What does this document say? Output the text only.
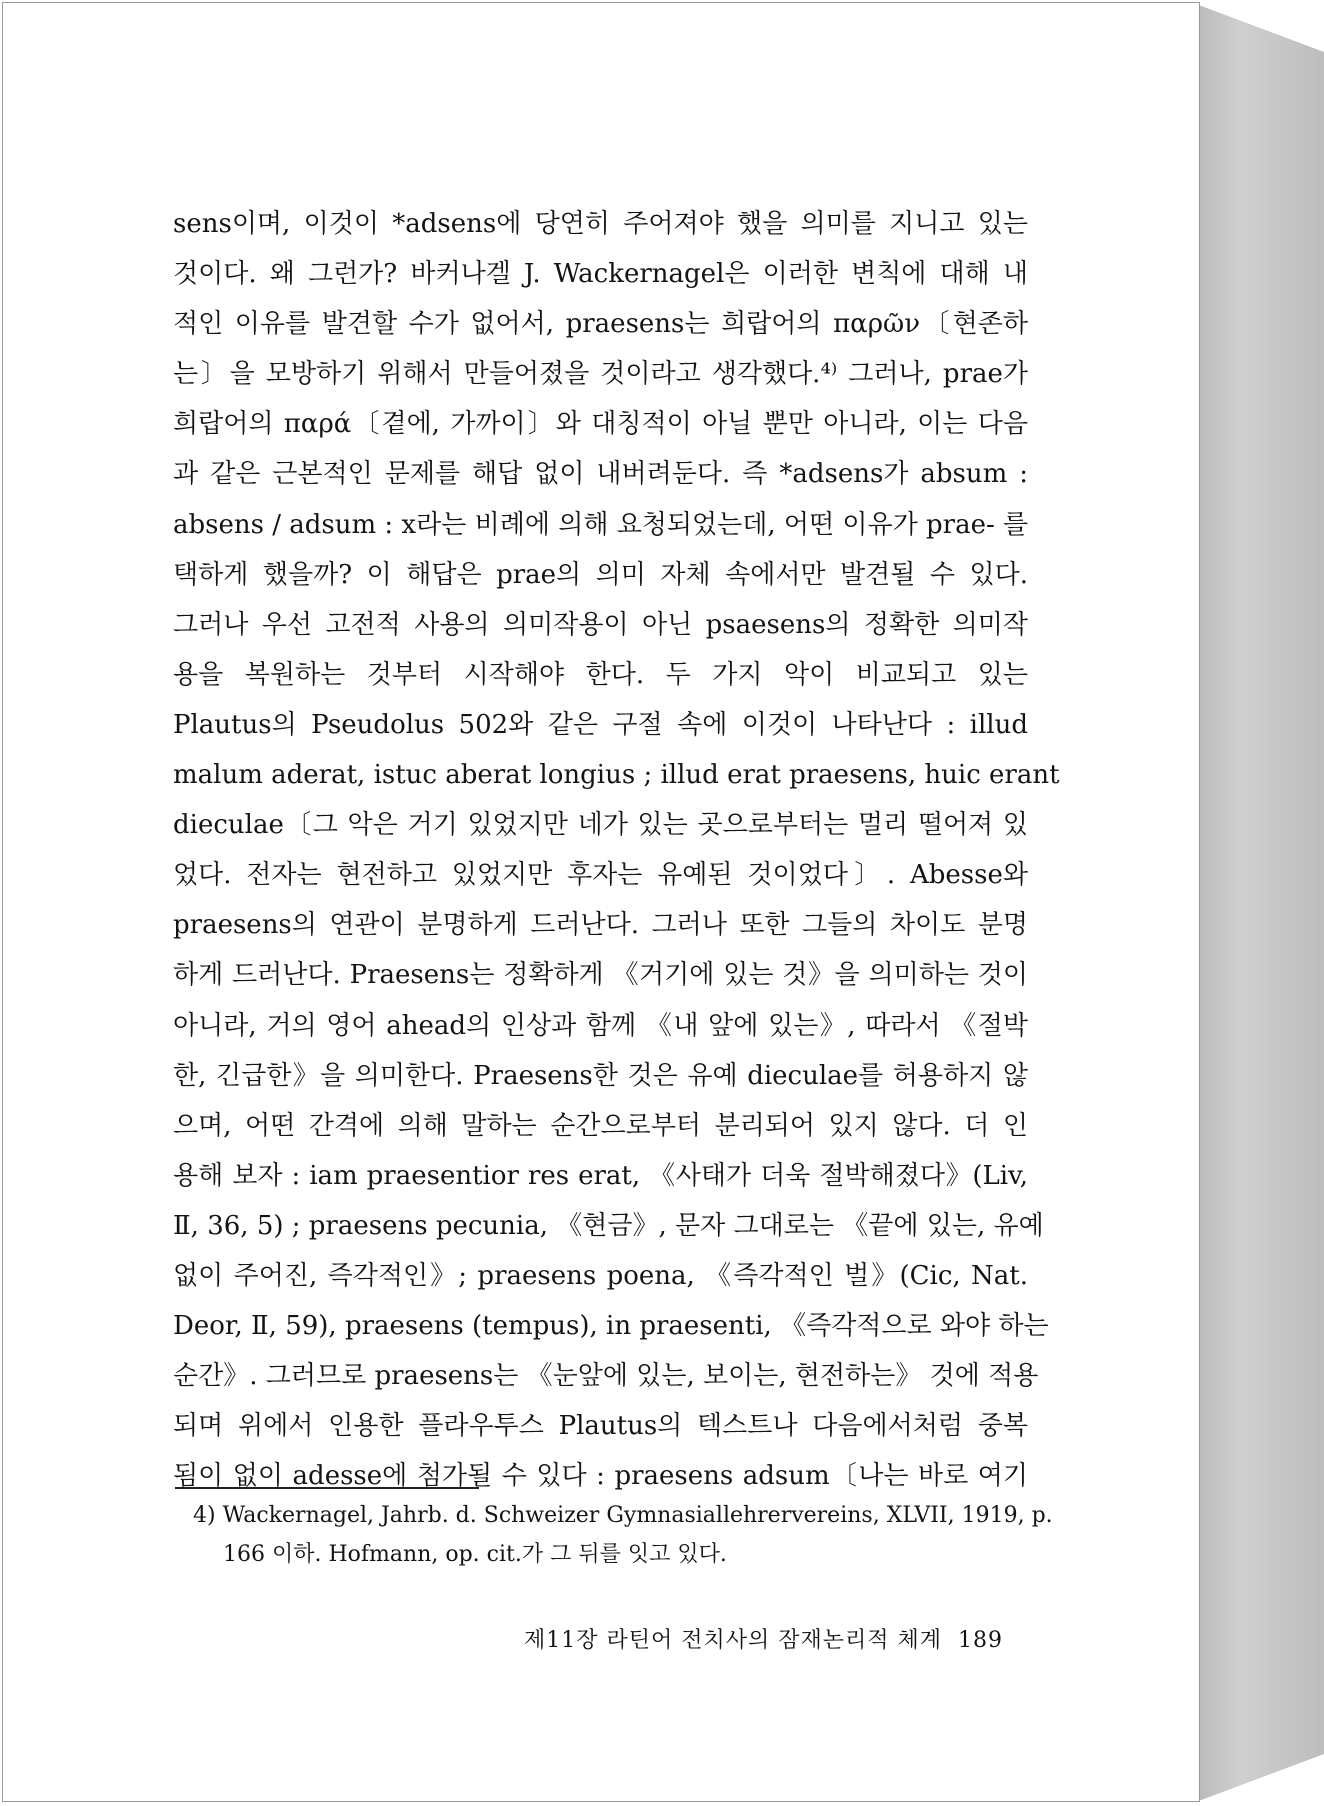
sens이며, 이것이 *adsens에 당연히 주어져야 했을 의미를 지니고 있는
것이다. 왜 그런가? 바커나겔 J. Wackernagel은 이러한 변칙에 대해 내
적인 이유를 발견할 수가 없어서, praesens는 희랍어의 παρῶν〔현존하
는〕을 모방하기 위해서 만들어졌을 것이라고 생각했다.⁴⁾ 그러나, prae가
희랍어의 παρά〔곁에, 가까이〕와 대칭적이 아닐 뿐만 아니라, 이는 다음
과 같은 근본적인 문제를 해답 없이 내버려둔다. 즉 *adsens가 absum :
absens / adsum : x라는 비례에 의해 요청되었는데, 어떤 이유가 prae- 를
택하게 했을까? 이 해답은 prae의 의미 자체 속에서만 발견될 수 있다.
그러나 우선 고전적 사용의 의미작용이 아닌 psaesens의 정확한 의미작
용을 복원하는 것부터 시작해야 한다. 두 가지 악이 비교되고 있는
Plautus의 Pseudolus 502와 같은 구절 속에 이것이 나타난다 : illud
malum aderat, istuc aberat longius ; illud erat praesens, huic erant
dieculae〔그 악은 거기 있었지만 네가 있는 곳으로부터는 멀리 떨어져 있
었다. 전자는 현전하고 있었지만 후자는 유예된 것이었다〕. Abesse와
praesens의 연관이 분명하게 드러난다. 그러나 또한 그들의 차이도 분명
하게 드러난다. Praesens는 정확하게 《거기에 있는 것》을 의미하는 것이
아니라, 거의 영어 ahead의 인상과 함께 《내 앞에 있는》, 따라서 《절박
한, 긴급한》을 의미한다. Praesens한 것은 유예 dieculae를 허용하지 않
으며, 어떤 간격에 의해 말하는 순간으로부터 분리되어 있지 않다. 더 인
용해 보자 : iam praesentior res erat, 《사태가 더욱 절박해졌다》(Liv,
Ⅱ, 36, 5) ; praesens pecunia, 《현금》, 문자 그대로는 《끝에 있는, 유예
없이 주어진, 즉각적인》; praesens poena, 《즉각적인 벌》(Cic, Nat.
Deor, Ⅱ, 59), praesens (tempus), in praesenti, 《즉각적으로 와야 하는
순간》. 그러므로 praesens는 《눈앞에 있는, 보이는, 현전하는》 것에 적용
되며 위에서 인용한 플라우투스 Plautus의 텍스트나 다음에서처럼 중복
됨이 없이 adesse에 첨가될 수 있다 : praesens adsum〔나는 바로 여기
4) Wackernagel, Jahrb. d. Schweizer Gymnasiallehrervereins, XLVII, 1919, p.
166 이하. Hofmann, op. cit.가 그 뒤를 잇고 있다.
제11장 라틴어 전치사의 잠재논리적 체계 189
